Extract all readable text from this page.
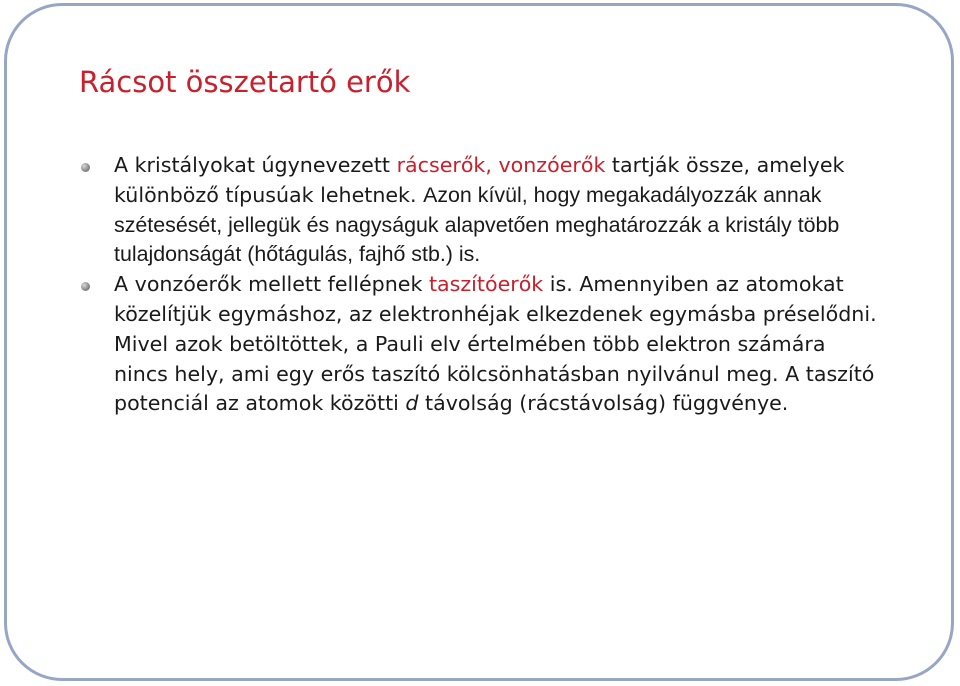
Rácsot összetartó erők
A kristályokat úgynevezett rácserők, vonzóerők tartják össze, amelyek különböző típusúak lehetnek. Azon kívül, hogy megakadályozzák annak szétesését, jellegük és nagyságuk alapvetően meghatározzák a kristály több tulajdonságát (hőtágulás, fajhő stb.) is.
A vonzóerők mellett fellépnek taszítóerők is. Amennyiben az atomokat közelítjük egymáshoz, az elektronhéjak elkezdenek egymásba préselődni. Mivel azok betöltöttek, a Pauli elv értelmében több elektron számára nincs hely, ami egy erős taszító kölcsönhatásban nyilvánul meg. A taszító potenciál az atomok közötti d távolság (rácstávolság) függvénye.
